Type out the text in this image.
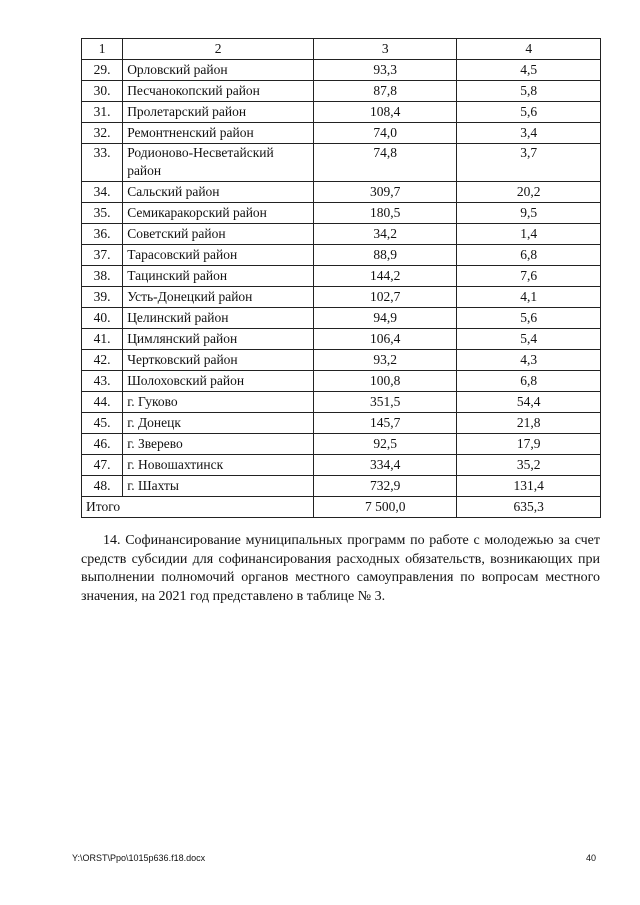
1	2	3	4
29.	Орловский район	93,3	4,5
30.	Песчанокопский район	87,8	5,8
31.	Пролетарский район	108,4	5,6
32.	Ремонтненский район	74,0	3,4
33.	Родионово-Несветайский район	74,8	3,7
34.	Сальский район	309,7	20,2
35.	Семикаракорский район	180,5	9,5
36.	Советский район	34,2	1,4
37.	Тарасовский район	88,9	6,8
38.	Тацинский район	144,2	7,6
39.	Усть-Донецкий район	102,7	4,1
40.	Целинский район	94,9	5,6
41.	Цимлянский район	106,4	5,4
42.	Чертковский район	93,2	4,3
43.	Шолоховский район	100,8	6,8
44.	г. Гуково	351,5	54,4
45.	г. Донецк	145,7	21,8
46.	г. Зверево	92,5	17,9
47.	г. Новошахтинск	334,4	35,2
48.	г. Шахты	732,9	131,4
Итого		7 500,0	635,3

14. Софинансирование муниципальных программ по работе с молодежью за счет средств субсидии для софинансирования расходных обязательств, возникающих при выполнении полномочий органов местного самоуправления по вопросам местного значения, на 2021 год представлено в таблице № 3.

Y:\ORST\Ppo\1015p636.f18.docx	40
